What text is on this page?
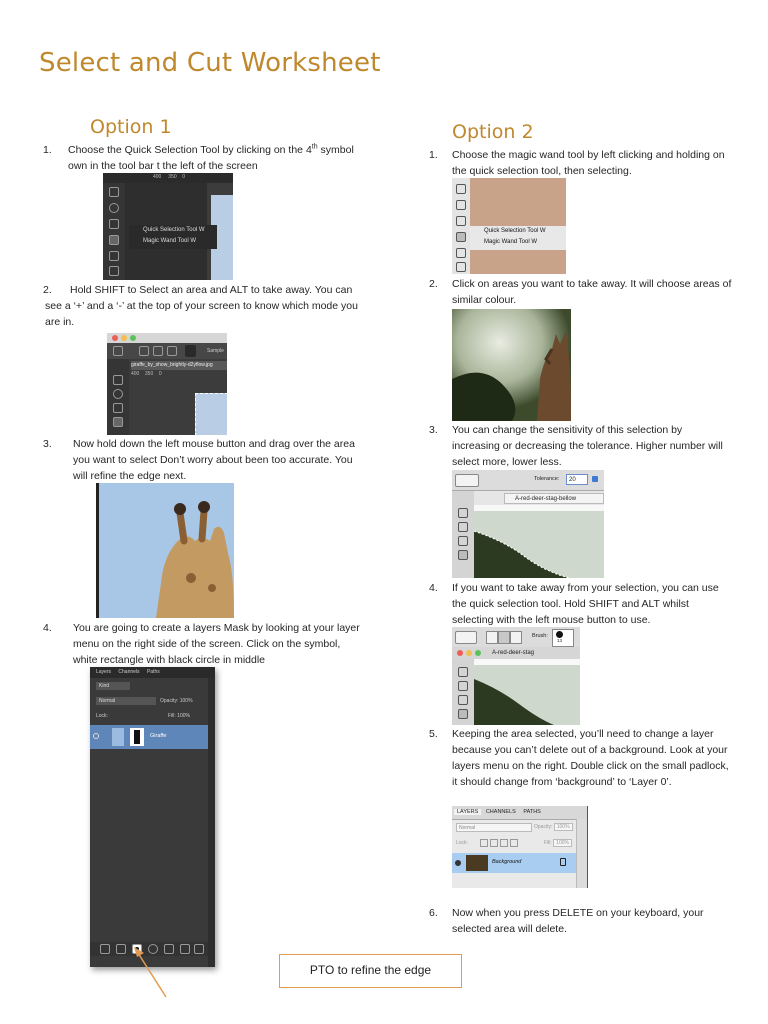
Select and Cut Worksheet
Option 1
1. Choose the Quick Selection Tool by clicking on the 4th symbol own in the tool bar t the left of the screen
400 350 0
Quick Selection Tool W
Magic Wand Tool W
2.	Hold SHIFT to Select an area and ALT to take away. You can see a ‘+’ and a ‘-’ at the top of your screen to know which mode you are in.
Sample
giraffe_by_show_brightly-d2yflow.jpg
400 350 0
3. Now hold down the left mouse button and drag over the area you want to select Don’t worry about been too accurate. You will refine the edge next.
4. You are going to create a layers Mask by looking at your layer menu on the right side of the screen. Click on the symbol, white rectangle with black circle in middle
Layers Channels Paths
Kind
Normal	Opacity: 100%
Lock:	Fill: 100%
Giraffe
Option 2
1. Choose the magic wand tool by left clicking and holding on the quick selection tool, then selecting.
Quick Selection Tool W
Magic Wand Tool W
2. Click on areas you want to take away. It will choose areas of similar colour.
3. You can change the sensitivity of this selection by increasing or decreasing the tolerance. Higher number will select more, lower less.
Tolerance:	20
A-red-deer-stag-bellow
4. If you want to take away from your selection, you can use the quick selection tool. Hold SHIFT and ALT whilst selecting with the left mouse button to use.
Brush:
13
A-red-deer-stag
5. Keeping the area selected, you’ll need to change a layer because you can’t delete out of a background. Look at your layers menu on the right. Double click on the small padlock, it should change from ‘background’ to ‘Layer 0’.
LAYERS CHANNELS PATHS
Normal	Opacity: 100%
Lock:	Fill: 100%
Background
6. Now when you press DELETE on your keyboard, your selected area will delete.
PTO to refine the edge
